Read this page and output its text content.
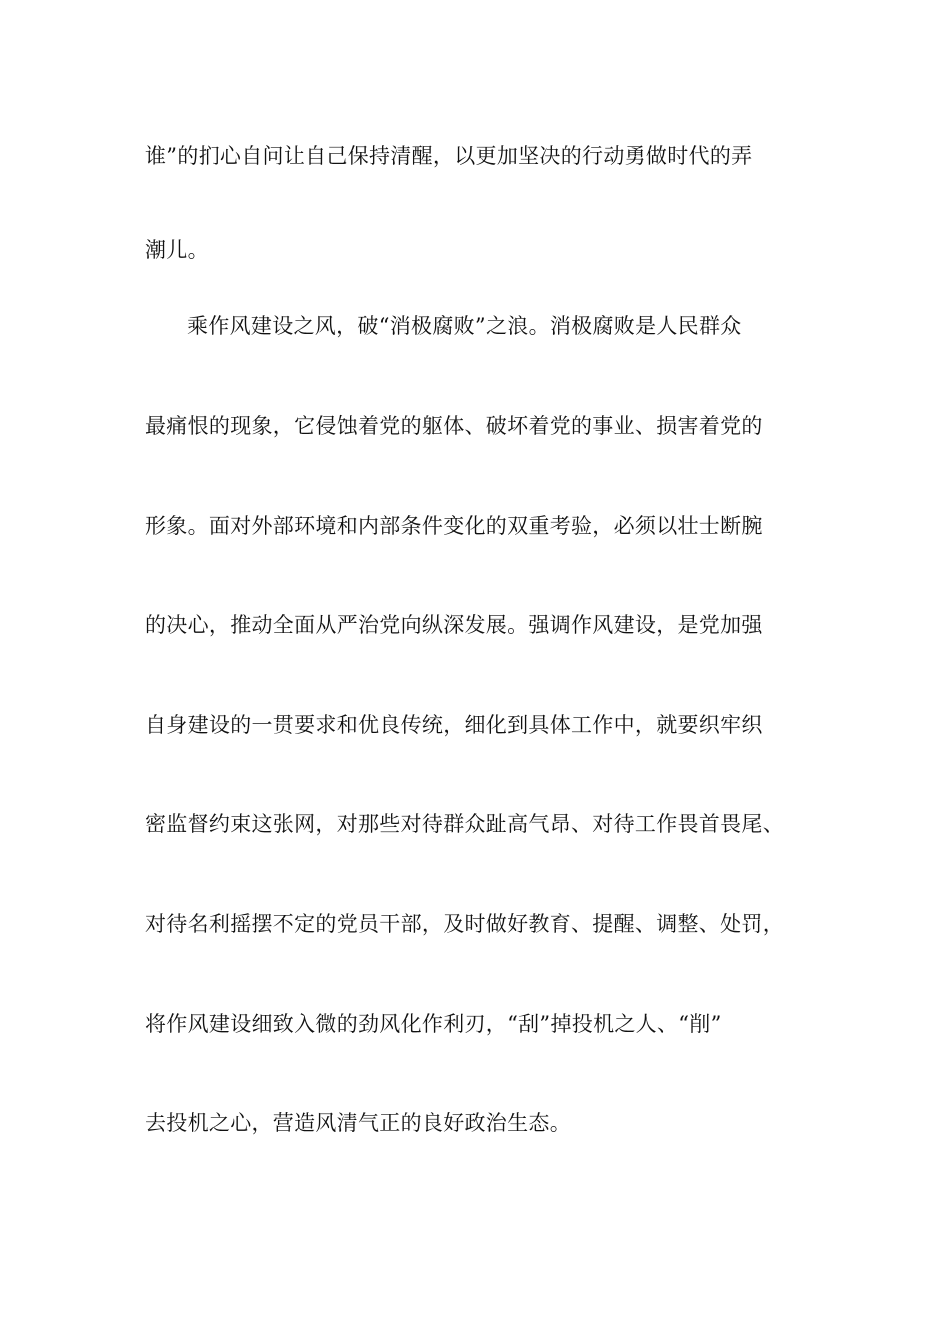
谁”的扪心自问让自己保持清醒，以更加坚决的行动勇做时代的弄
潮儿。
乘作风建设之风，破“消极腐败”之浪。消极腐败是人民群众
最痛恨的现象，它侵蚀着党的躯体、破坏着党的事业、损害着党的
形象。面对外部环境和内部条件变化的双重考验，必须以壮士断腕
的决心，推动全面从严治党向纵深发展。强调作风建设，是党加强
自身建设的一贯要求和优良传统，细化到具体工作中，就要织牢织
密监督约束这张网，对那些对待群众趾高气昂、对待工作畏首畏尾、
对待名利摇摆不定的党员干部，及时做好教育、提醒、调整、处罚，
将作风建设细致入微的劲风化作利刃，“刮”掉投机之人、“削”
去投机之心，营造风清气正的良好政治生态。
